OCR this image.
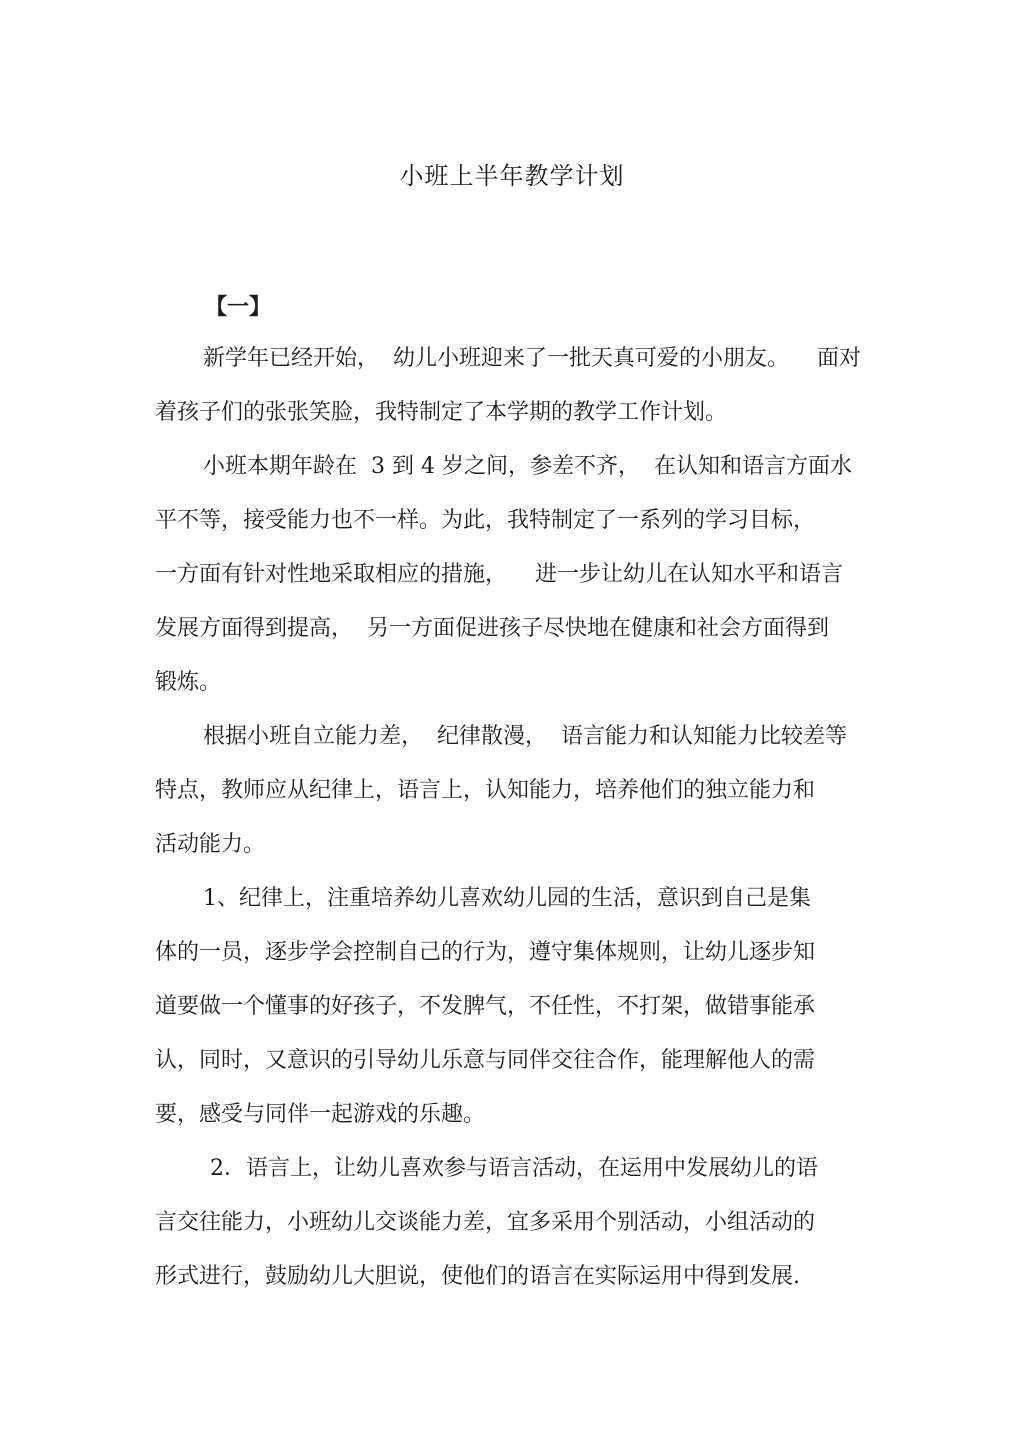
小班上半年教学计划
【一】

新学年已经开始，  幼儿小班迎来了一批天真可爱的小朋友。    面对

着孩子们的张张笑脸，我特制定了本学期的教学工作计划。

小班本期年龄在  3 到 4 岁之间，参差不齐，  在认知和语言方面水

平不等，接受能力也不一样。为此，我特制定了一系列的学习目标，

一方面有针对性地采取相应的措施，    进一步让幼儿在认知水平和语言

发展方面得到提高，  另一方面促进孩子尽快地在健康和社会方面得到

锻炼。

根据小班自立能力差，  纪律散漫，  语言能力和认知能力比较差等

特点，教师应从纪律上，语言上，认知能力，培养他们的独立能力和

活动能力。

1、纪律上，注重培养幼儿喜欢幼儿园的生活，意识到自己是集

体的一员，逐步学会控制自己的行为，遵守集体规则，让幼儿逐步知

道要做一个懂事的好孩子，不发脾气，不任性，不打架，做错事能承

认，同时，又意识的引导幼儿乐意与同伴交往合作，能理解他人的需

要，感受与同伴一起游戏的乐趣。

2．语言上，让幼儿喜欢参与语言活动，在运用中发展幼儿的语

言交往能力，小班幼儿交谈能力差，宜多采用个别活动，小组活动的

形式进行，鼓励幼儿大胆说，使他们的语言在实际运用中得到发展.
